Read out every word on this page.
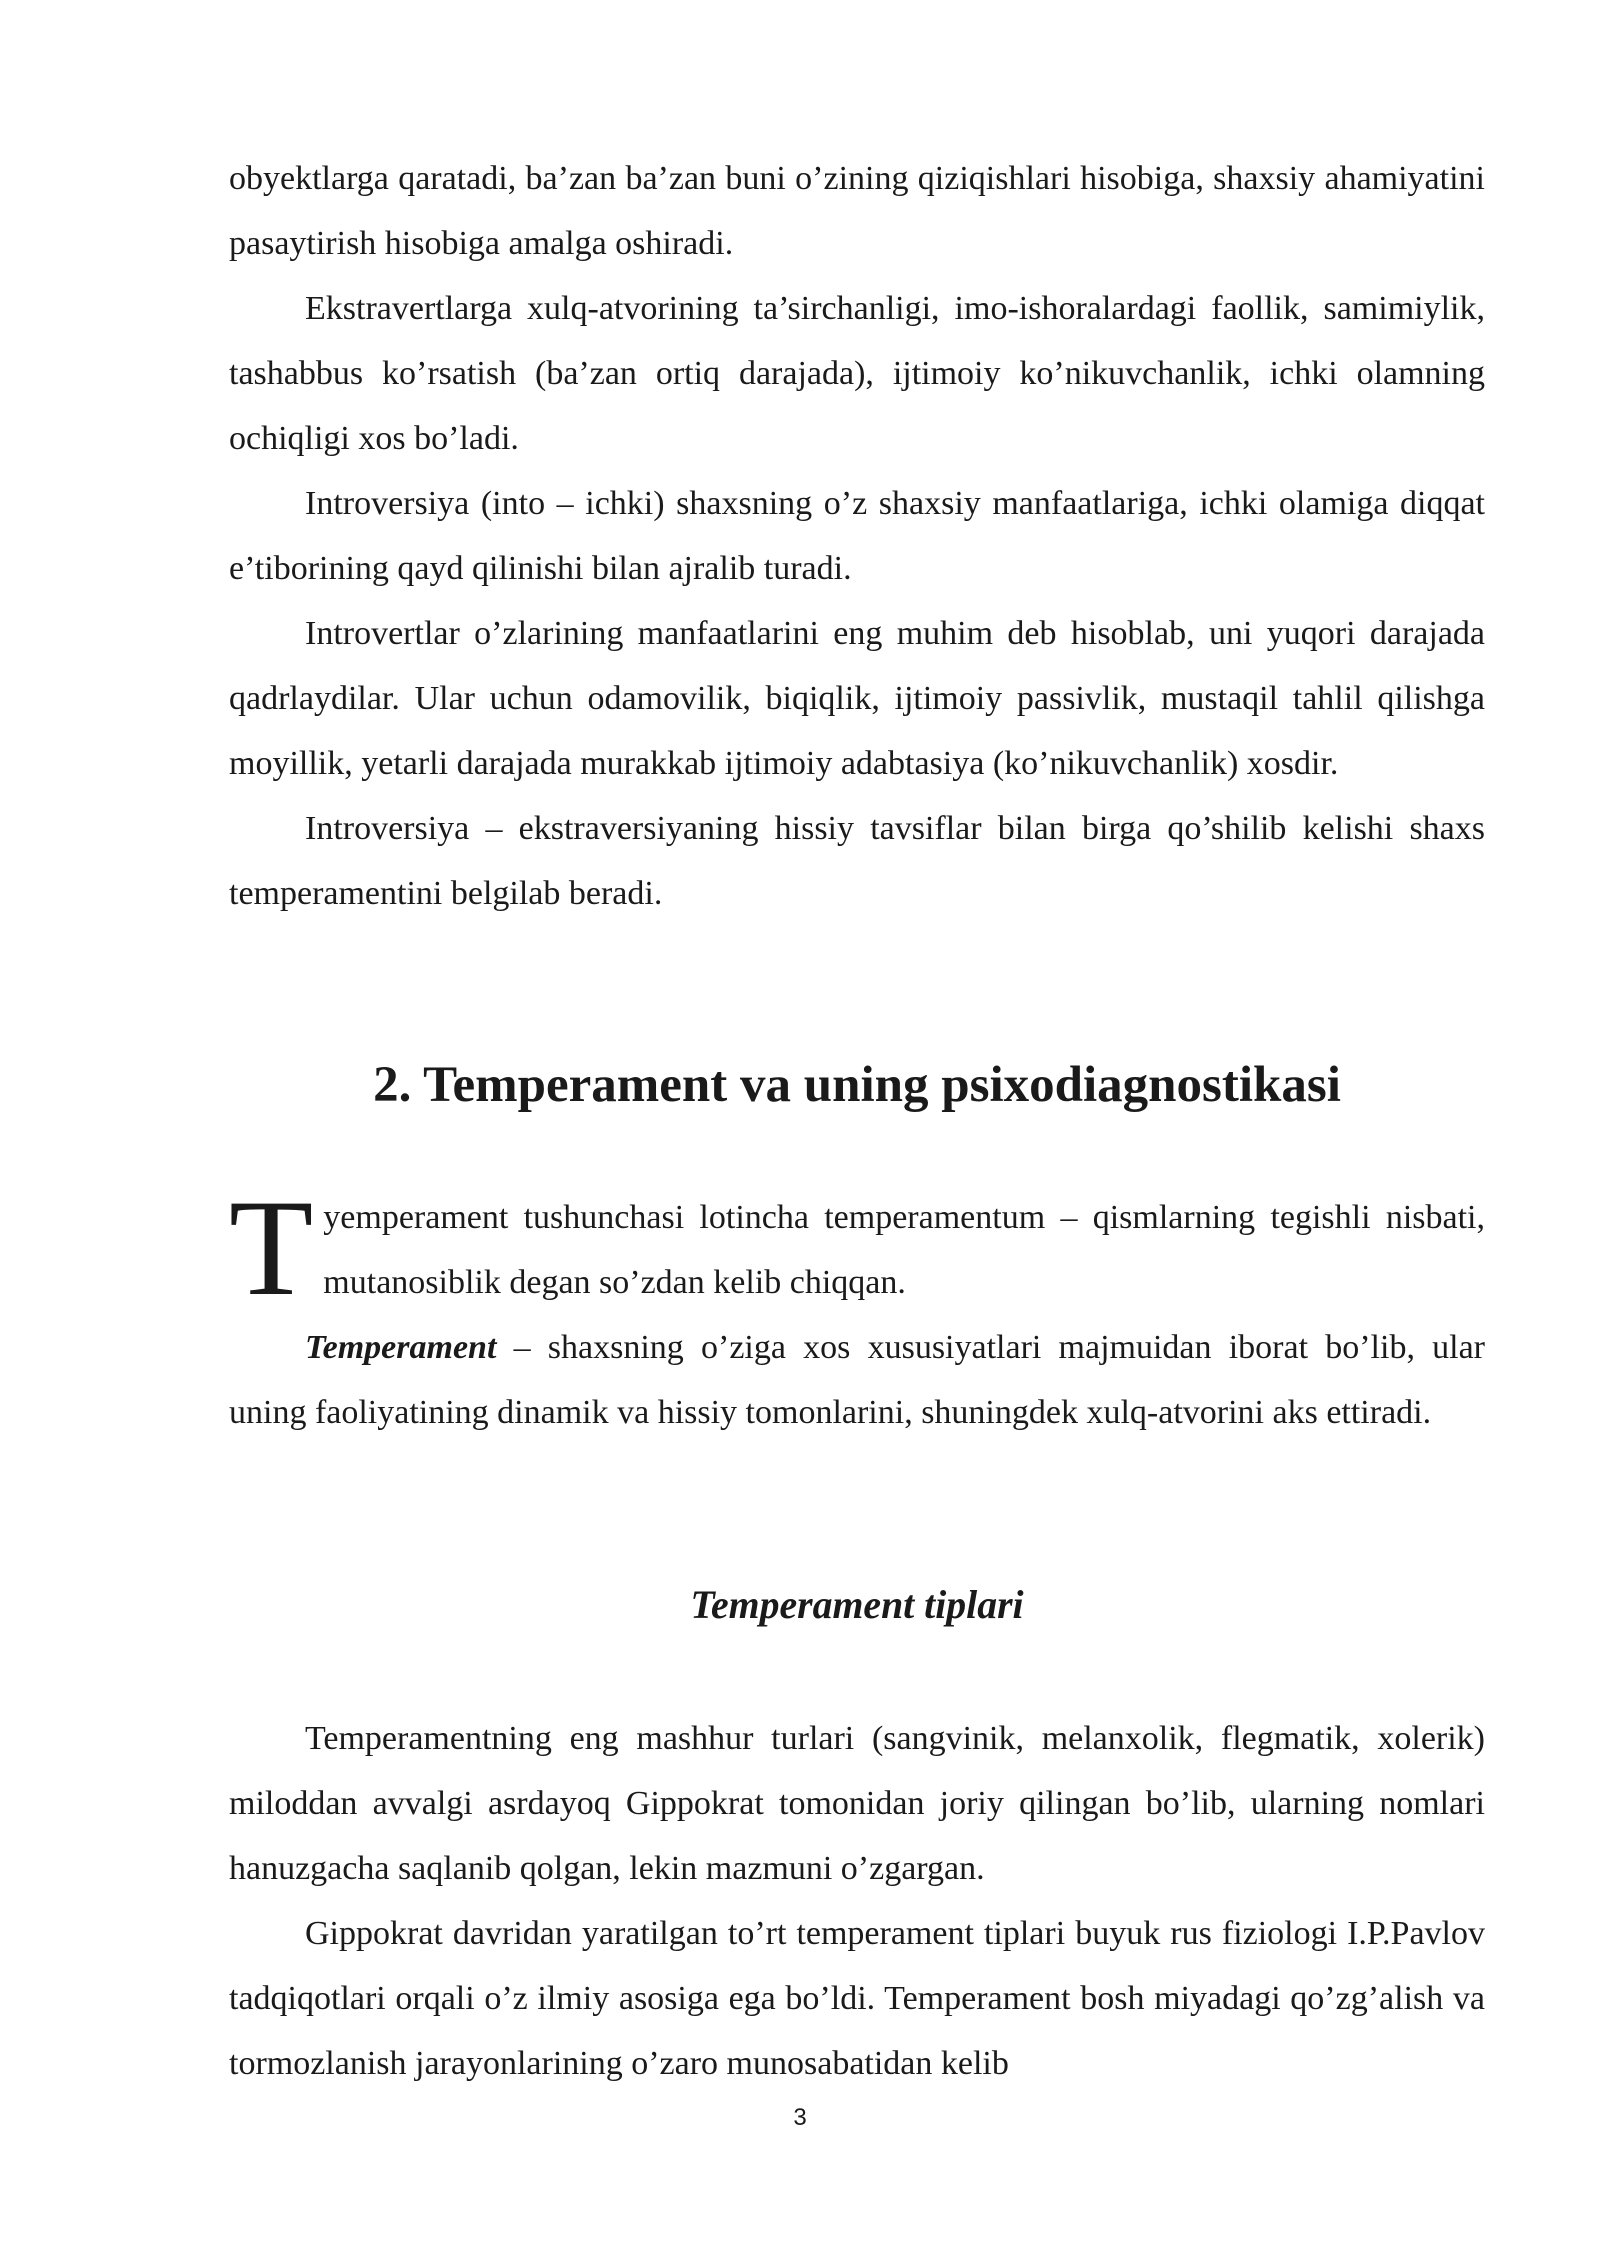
obyektlarga qaratadi, ba’zan ba’zan buni o’zining qiziqishlari hisobiga, shaxsiy ahamiyatini pasaytirish hisobiga amalga oshiradi.

Ekstravertlarga xulq-atvorining ta’sirchanligi, imo-ishoralardagi faollik, samimiylik, tashabbus ko’rsatish (ba’zan ortiq darajada), ijtimoiy ko’nikuvchanlik, ichki olamning ochiqligi xos bo’ladi.

Introversiya (into – ichki) shaxsning o’z shaxsiy manfaatlariga, ichki olamiga diqqat e’tiborining qayd qilinishi bilan ajralib turadi.

Introvertlar o’zlarining manfaatlarini eng muhim deb hisoblab, uni yuqori darajada qadrlaydilar. Ular uchun odamovilik, biqiqlik, ijtimoiy passivlik, mustaqil tahlil qilishga moyillik, yetarli darajada murakkab ijtimoiy adabtasiya (ko’nikuvchanlik) xosdir.

Introversiya – ekstraversiyaning hissiy tavsiflar bilan birga qo’shilib kelishi shaxs temperamentini belgilab beradi.

2. Temperament va uning psixodiagnostikasi

Tyemperament tushunchasi lotincha temperamentum – qismlarning tegishli nisbati, mutanosiblik degan so’zdan kelib chiqqan.

Temperament – shaxsning o’ziga xos xususiyatlari majmuidan iborat bo’lib, ular uning faoliyatining dinamik va hissiy tomonlarini, shuningdek xulq-atvorini aks ettiradi.

Temperament tiplari

Temperamentning eng mashhur turlari (sangvinik, melanxolik, flegmatik, xolerik) miloddan avvalgi asrdayoq Gippokrat tomonidan joriy qilingan bo’lib, ularning nomlari hanuzgacha saqlanib qolgan, lekin mazmuni o’zgargan.

Gippokrat davridan yaratilgan to’rt temperament tiplari buyuk rus fiziologi I.P.Pavlov tadqiqotlari orqali o’z ilmiy asosiga ega bo’ldi. Temperament bosh miyadagi qo’zg’alish va tormozlanish jarayonlarining o’zaro munosabatidan kelib

3
